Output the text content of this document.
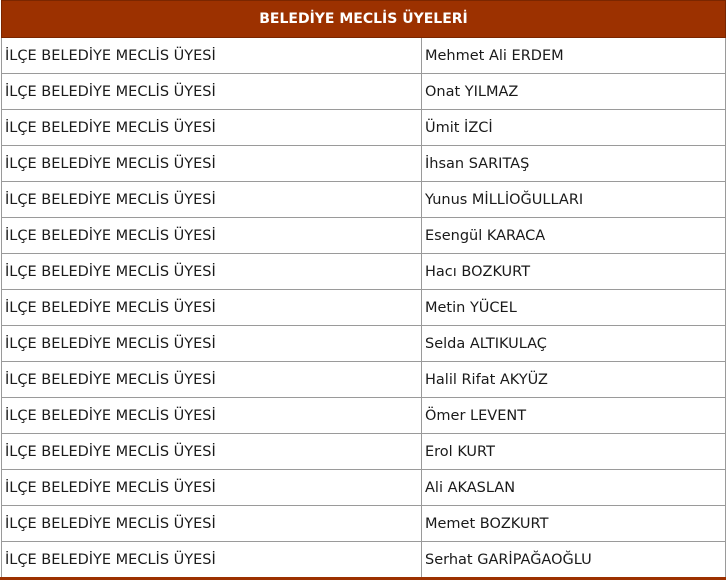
BELEDİYE MECLİS ÜYELERİ	
İLÇE BELEDİYE MECLİS ÜYESİ	Mehmet Ali ERDEM
İLÇE BELEDİYE MECLİS ÜYESİ	Onat YILMAZ
İLÇE BELEDİYE MECLİS ÜYESİ	Ümit İZCİ
İLÇE BELEDİYE MECLİS ÜYESİ	İhsan SARITAŞ
İLÇE BELEDİYE MECLİS ÜYESİ	Yunus MİLLİOĞULLARI
İLÇE BELEDİYE MECLİS ÜYESİ	Esengül KARACA
İLÇE BELEDİYE MECLİS ÜYESİ	Hacı BOZKURT
İLÇE BELEDİYE MECLİS ÜYESİ	Metin YÜCEL
İLÇE BELEDİYE MECLİS ÜYESİ	Selda ALTIKULAÇ
İLÇE BELEDİYE MECLİS ÜYESİ	Halil Rifat AKYÜZ
İLÇE BELEDİYE MECLİS ÜYESİ	Ömer LEVENT
İLÇE BELEDİYE MECLİS ÜYESİ	Erol KURT
İLÇE BELEDİYE MECLİS ÜYESİ	Ali AKASLAN
İLÇE BELEDİYE MECLİS ÜYESİ	Memet BOZKURT
İLÇE BELEDİYE MECLİS ÜYESİ	Serhat GARİPAĞAOĞLU
